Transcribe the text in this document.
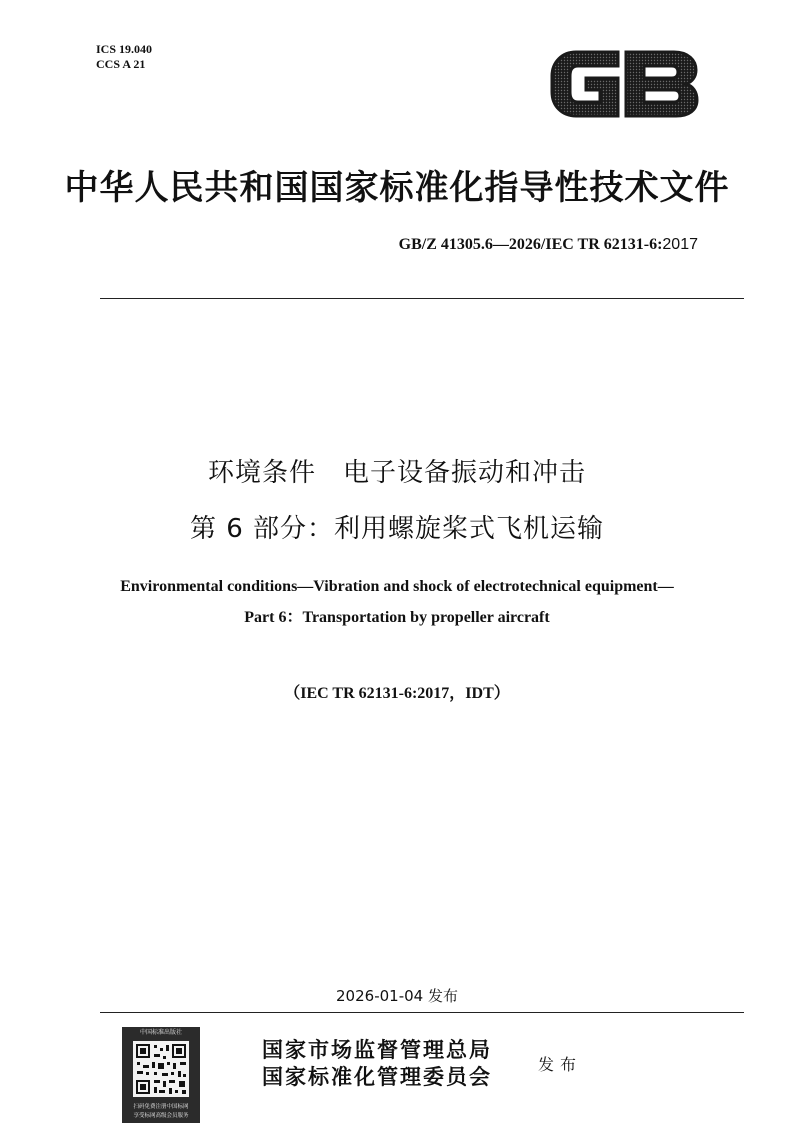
ICS 19.040
CCS A 21
中华人民共和国国家标准化指导性技术文件
GB/Z 41305.6—2026/IEC TR 62131-6:2017
环境条件　电子设备振动和冲击
第 6 部分：利用螺旋桨式飞机运输
Environmental conditions—Vibration and shock of electrotechnical equipment—
Part 6：Transportation by propeller aircraft
（IEC TR 62131-6:2017，IDT）
2026-01-04 发布
中国标准出版社
扫码免费注册中国标网
享受标网高级会员服务
国家市场监督管理总局
国家标准化管理委员会	发布
